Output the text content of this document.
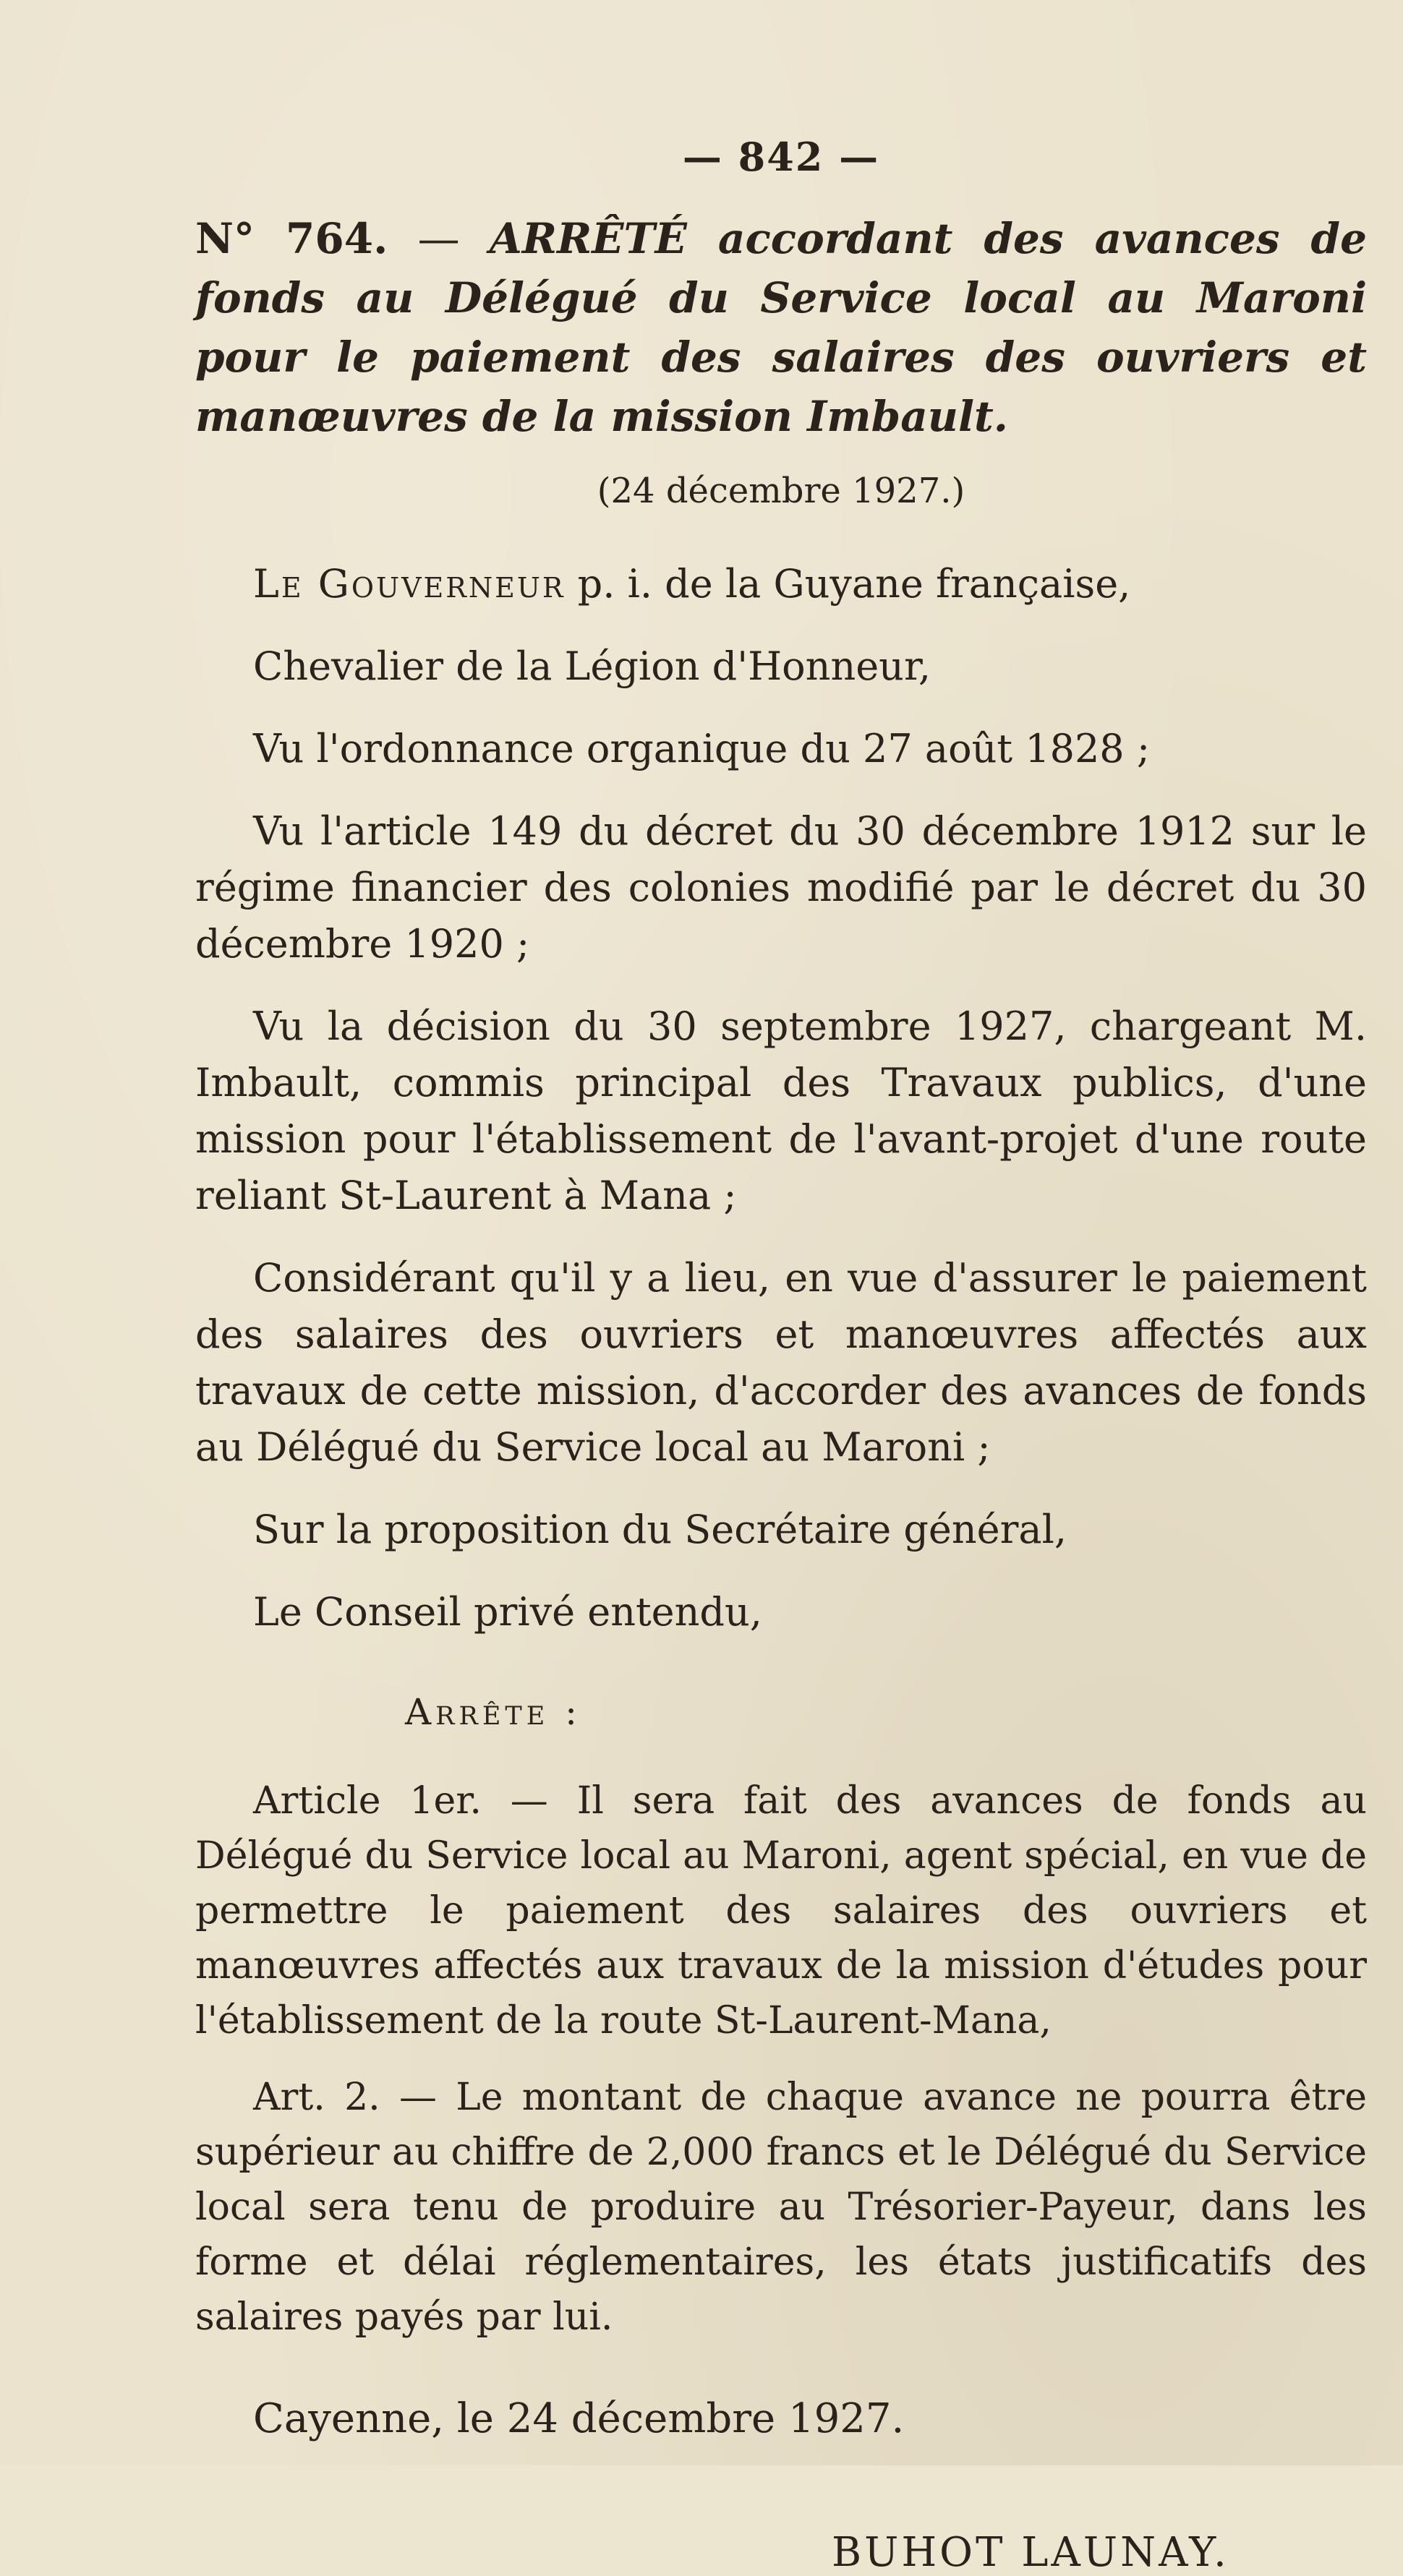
— 842 —
N° 764. — ARRÊTÉ accordant des avances de fonds au Délégué du Service local au Maroni pour le paiement des salaires des ouvriers et manœuvres de la mission Imbault.
(24 décembre 1927.)

Le Gouverneur p. i. de la Guyane française,

Chevalier de la Légion d'Honneur,

Vu l'ordonnance organique du 27 août 1828 ;

Vu l'article 149 du décret du 30 décembre 1912 sur le régime financier des colonies modifié par le décret du 30 décembre 1920 ;

Vu la décision du 30 septembre 1927, chargeant M. Imbault, commis principal des Travaux publics, d'une mission pour l'établissement de l'avant-projet d'une route reliant St-Laurent à Mana ;

Considérant qu'il y a lieu, en vue d'assurer le paiement des salaires des ouvriers et manœuvres affectés aux travaux de cette mission, d'accorder des avances de fonds au Délégué du Service local au Maroni ;

Sur la proposition du Secrétaire général,

Le Conseil privé entendu,

Arrête :

Article 1er. — Il sera fait des avances de fonds au Délégué du Service local au Maroni, agent spécial, en vue de permettre le paiement des salaires des ouvriers et manœuvres affectés aux travaux de la mission d'études pour l'établissement de la route St-Laurent-Mana,

Art. 2. — Le montant de chaque avance ne pourra être supérieur au chiffre de 2,000 francs et le Délégué du Service local sera tenu de produire au Trésorier-Payeur, dans les forme et délai réglementaires, les états justificatifs des salaires payés par lui.

Cayenne, le 24 décembre 1927.

BUHOT LAUNAY.
